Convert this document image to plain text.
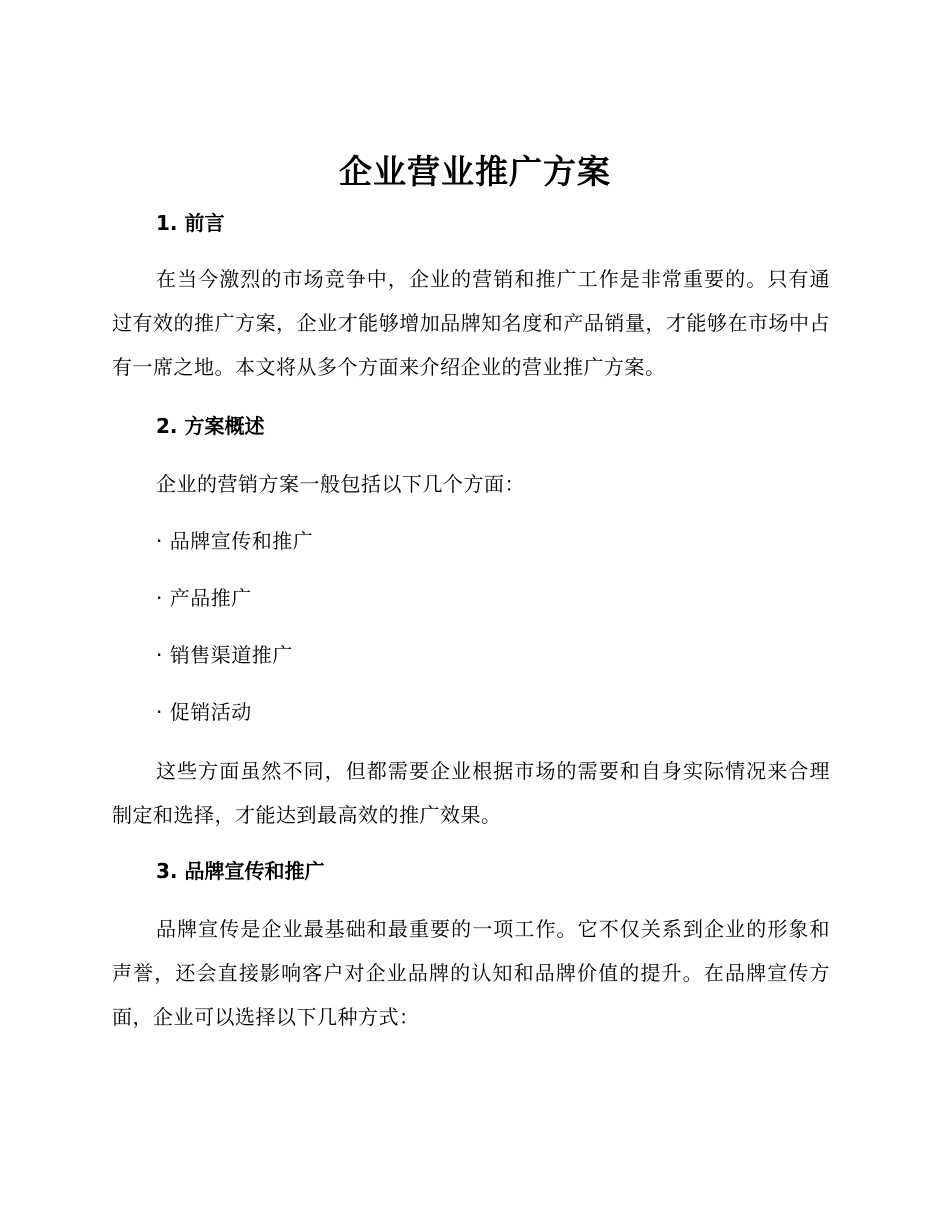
企业营业推广方案
1. 前言

在当今激烈的市场竞争中，企业的营销和推广工作是非常重要的。只有通过有效的推广方案，企业才能够增加品牌知名度和产品销量，才能够在市场中占有一席之地。本文将从多个方面来介绍企业的营业推广方案。

2. 方案概述
企业的营销方案一般包括以下几个方面：
· 品牌宣传和推广
· 产品推广
· 销售渠道推广
· 促销活动

这些方面虽然不同，但都需要企业根据市场的需要和自身实际情况来合理制定和选择，才能达到最高效的推广效果。

3. 品牌宣传和推广

品牌宣传是企业最基础和最重要的一项工作。它不仅关系到企业的形象和声誉，还会直接影响客户对企业品牌的认知和品牌价值的提升。在品牌宣传方面，企业可以选择以下几种方式：
